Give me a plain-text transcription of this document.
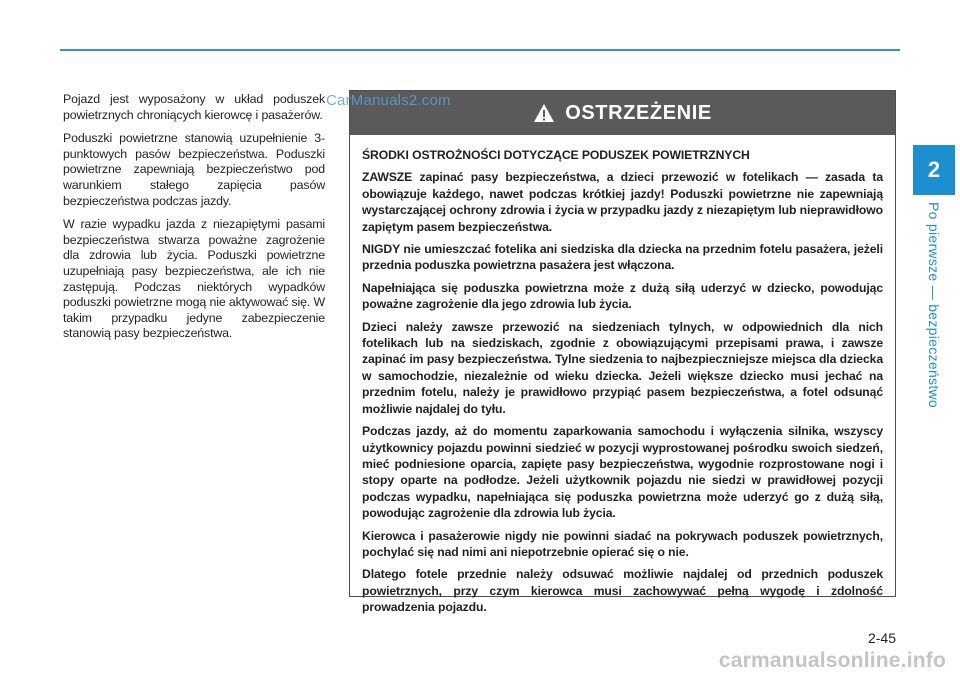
Pojazd jest wyposażony w układ poduszek powietrznych chroniących kierowcę i pasażerów.

Poduszki powietrzne stanowią uzupełnienie 3-punktowych pasów bezpieczeństwa. Poduszki powietrzne zapewniają bezpieczeństwo pod warunkiem stałego zapięcia pasów bezpieczeństwa podczas jazdy.

W razie wypadku jazda z niezapiętymi pasami bezpieczeństwa stwarza poważne zagrożenie dla zdrowia lub życia. Poduszki powietrzne uzupełniają pasy bezpieczeństwa, ale ich nie zastępują. Podczas niektórych wypadków poduszki powietrzne mogą nie aktywować się. W takim przypadku jedyne zabezpieczenie stanowią pasy bezpieczeństwa.

OSTRZEŻENIE

ŚRODKI OSTROŻNOŚCI DOTYCZĄCE PODUSZEK POWIETRZNYCH

ZAWSZE zapinać pasy bezpieczeństwa, a dzieci przewozić w fotelikach — zasada ta obowiązuje każdego, nawet podczas krótkiej jazdy! Poduszki powietrzne nie zapewniają wystarczającej ochrony zdrowia i życia w przypadku jazdy z niezapiętym lub nieprawidłowo zapiętym pasem bezpieczeństwa.

NIGDY nie umieszczać fotelika ani siedziska dla dziecka na przednim fotelu pasażera, jeżeli przednia poduszka powietrzna pasażera jest włączona.

Napełniająca się poduszka powietrzna może z dużą siłą uderzyć w dziecko, powodując poważne zagrożenie dla jego zdrowia lub życia.

Dzieci należy zawsze przewozić na siedzeniach tylnych, w odpowiednich dla nich fotelikach lub na siedziskach, zgodnie z obowiązującymi przepisami prawa, i zawsze zapinać im pasy bezpieczeństwa. Tylne siedzenia to najbezpieczniejsze miejsca dla dziecka w samochodzie, niezależnie od wieku dziecka. Jeżeli większe dziecko musi jechać na przednim fotelu, należy je prawidłowo przypiąć pasem bezpieczeństwa, a fotel odsunąć możliwie najdalej do tyłu.

Podczas jazdy, aż do momentu zaparkowania samochodu i wyłączenia silnika, wszyscy użytkownicy pojazdu powinni siedzieć w pozycji wyprostowanej pośrodku swoich siedzeń, mieć podniesione oparcia, zapięte pasy bezpieczeństwa, wygodnie rozprostowane nogi i stopy oparte na podłodze. Jeżeli użytkownik pojazdu nie siedzi w prawidłowej pozycji podczas wypadku, napełniająca się poduszka powietrzna może uderzyć go z dużą siłą, powodując zagrożenie dla zdrowia lub życia.

Kierowca i pasażerowie nigdy nie powinni siadać na pokrywach poduszek powietrznych, pochylać się nad nimi ani niepotrzebnie opierać się o nie.

Dlatego fotele przednie należy odsuwać możliwie najdalej od przednich poduszek powietrznych, przy czym kierowca musi zachowywać pełną wygodę i zdolność prowadzenia pojazdu.

CarManuals2.com
2
Po pierwsze — bezpieczeństwo
2-45
carmanualsonline.info
